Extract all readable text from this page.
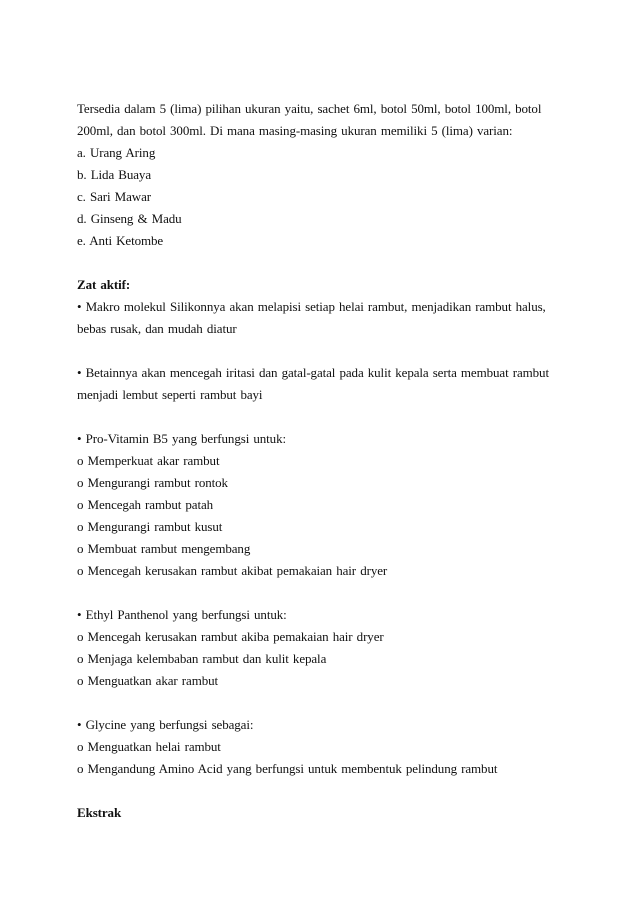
Tersedia dalam 5 (lima) pilihan ukuran yaitu, sachet 6ml, botol 50ml, botol 100ml, botol
200ml, dan botol 300ml. Di mana masing-masing ukuran memiliki 5 (lima) varian:
a. Urang Aring
b. Lida Buaya
c. Sari Mawar
d. Ginseng & Madu
e. Anti Ketombe
Zat aktif:
• Makro molekul Silikonnya akan melapisi setiap helai rambut, menjadikan rambut halus,
bebas rusak, dan mudah diatur
• Betainnya akan mencegah iritasi dan gatal-gatal pada kulit kepala serta membuat rambut
menjadi lembut seperti rambut bayi
• Pro-Vitamin B5 yang berfungsi untuk:
o Memperkuat akar rambut
o Mengurangi rambut rontok
o Mencegah rambut patah
o Mengurangi rambut kusut
o Membuat rambut mengembang
o Mencegah kerusakan rambut akibat pemakaian hair dryer
• Ethyl Panthenol yang berfungsi untuk:
o Mencegah kerusakan rambut akiba pemakaian hair dryer
o Menjaga kelembaban rambut dan kulit kepala
o Menguatkan akar rambut
• Glycine yang berfungsi sebagai:
o Menguatkan helai rambut
o Mengandung Amino Acid yang berfungsi untuk membentuk pelindung rambut
Ekstrak
